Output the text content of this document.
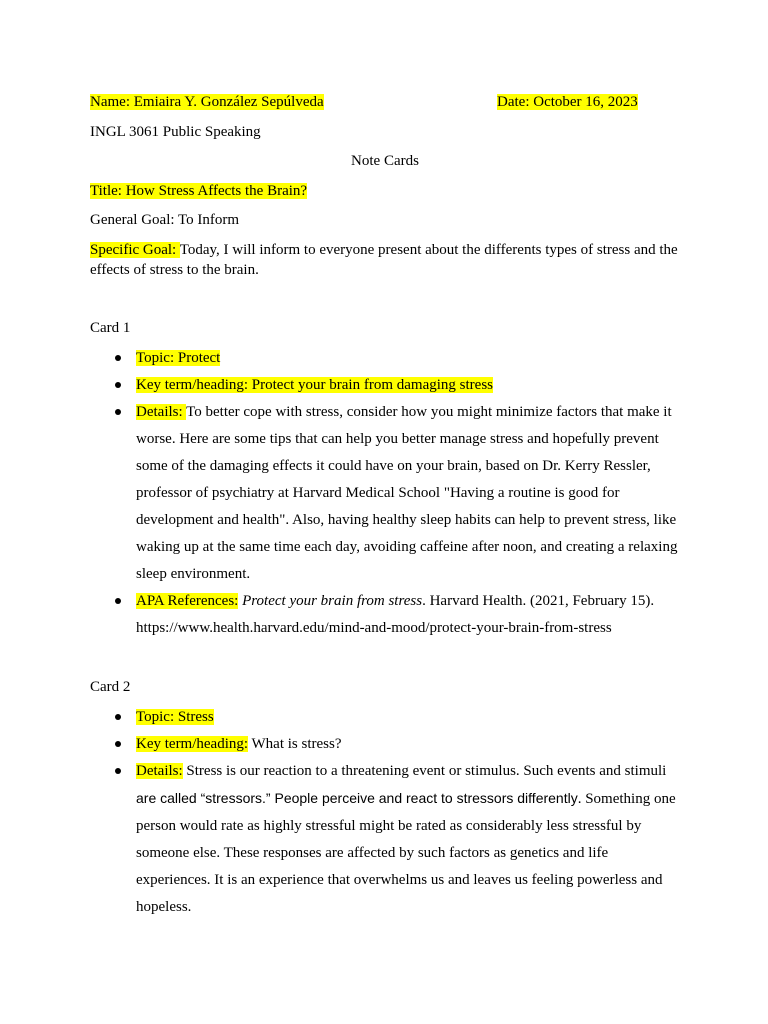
Name: Emiaira Y. González Sepúlveda	Date: October 16, 2023
INGL 3061 Public Speaking
Note Cards
Title: How Stress Affects the Brain?
General Goal: To Inform
Specific Goal: Today, I will inform to everyone present about the differents types of stress and the effects of stress to the brain.
Card 1
Topic: Protect
Key term/heading: Protect your brain from damaging stress
Details: To better cope with stress, consider how you might minimize factors that make it worse. Here are some tips that can help you better manage stress and hopefully prevent some of the damaging effects it could have on your brain, based on Dr. Kerry Ressler, professor of psychiatry at Harvard Medical School "Having a routine is good for development and health". Also, having healthy sleep habits can help to prevent stress, like waking up at the same time each day, avoiding caffeine after noon, and creating a relaxing sleep environment.
APA References: Protect your brain from stress. Harvard Health. (2021, February 15).
https://www.health.harvard.edu/mind-and-mood/protect-your-brain-from-stress
Card 2
Topic: Stress
Key term/heading: What is stress?
Details: Stress is our reaction to a threatening event or stimulus. Such events and stimuli are called “stressors.” People perceive and react to stressors differently. Something one person would rate as highly stressful might be rated as considerably less stressful by someone else. These responses are affected by such factors as genetics and life experiences. It is an experience that overwhelms us and leaves us feeling powerless and hopeless.
